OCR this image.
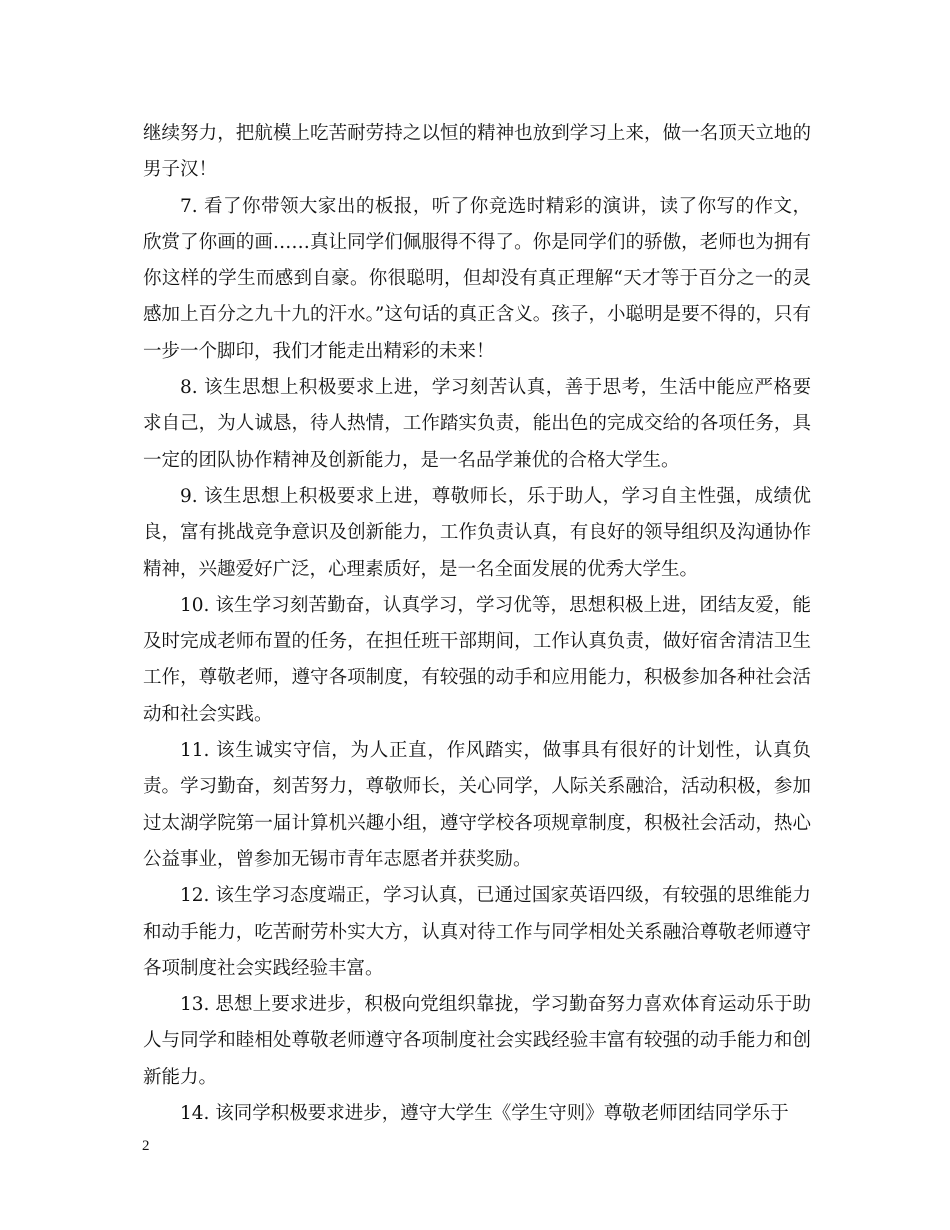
继续努力，把航模上吃苦耐劳持之以恒的精神也放到学习上来，做一名顶天立地的男子汉！

7. 看了你带领大家出的板报，听了你竞选时精彩的演讲，读了你写的作文，欣赏了你画的画……真让同学们佩服得不得了。你是同学们的骄傲，老师也为拥有你这样的学生而感到自豪。你很聪明，但却没有真正理解“天才等于百分之一的灵感加上百分之九十九的汗水。”这句话的真正含义。孩子，小聪明是要不得的，只有一步一个脚印，我们才能走出精彩的未来！

8. 该生思想上积极要求上进，学习刻苦认真，善于思考，生活中能应严格要求自己，为人诚恳，待人热情，工作踏实负责，能出色的完成交给的各项任务，具一定的团队协作精神及创新能力，是一名品学兼优的合格大学生。

9. 该生思想上积极要求上进，尊敬师长，乐于助人，学习自主性强，成绩优良，富有挑战竞争意识及创新能力，工作负责认真，有良好的领导组织及沟通协作精神，兴趣爱好广泛，心理素质好，是一名全面发展的优秀大学生。

10. 该生学习刻苦勤奋，认真学习，学习优等，思想积极上进，团结友爱，能及时完成老师布置的任务，在担任班干部期间，工作认真负责，做好宿舍清洁卫生工作，尊敬老师，遵守各项制度，有较强的动手和应用能力，积极参加各种社会活动和社会实践。

11. 该生诚实守信，为人正直，作风踏实，做事具有很好的计划性，认真负责。学习勤奋，刻苦努力，尊敬师长，关心同学，人际关系融洽，活动积极，参加过太湖学院第一届计算机兴趣小组，遵守学校各项规章制度，积极社会活动，热心公益事业，曾参加无锡市青年志愿者并获奖励。

12. 该生学习态度端正，学习认真，已通过国家英语四级，有较强的思维能力和动手能力，吃苦耐劳朴实大方，认真对待工作与同学相处关系融洽尊敬老师遵守各项制度社会实践经验丰富。

13. 思想上要求进步，积极向党组织靠拢，学习勤奋努力喜欢体育运动乐于助人与同学和睦相处尊敬老师遵守各项制度社会实践经验丰富有较强的动手能力和创新能力。

14. 该同学积极要求进步，遵守大学生《学生守则》尊敬老师团结同学乐于

2
